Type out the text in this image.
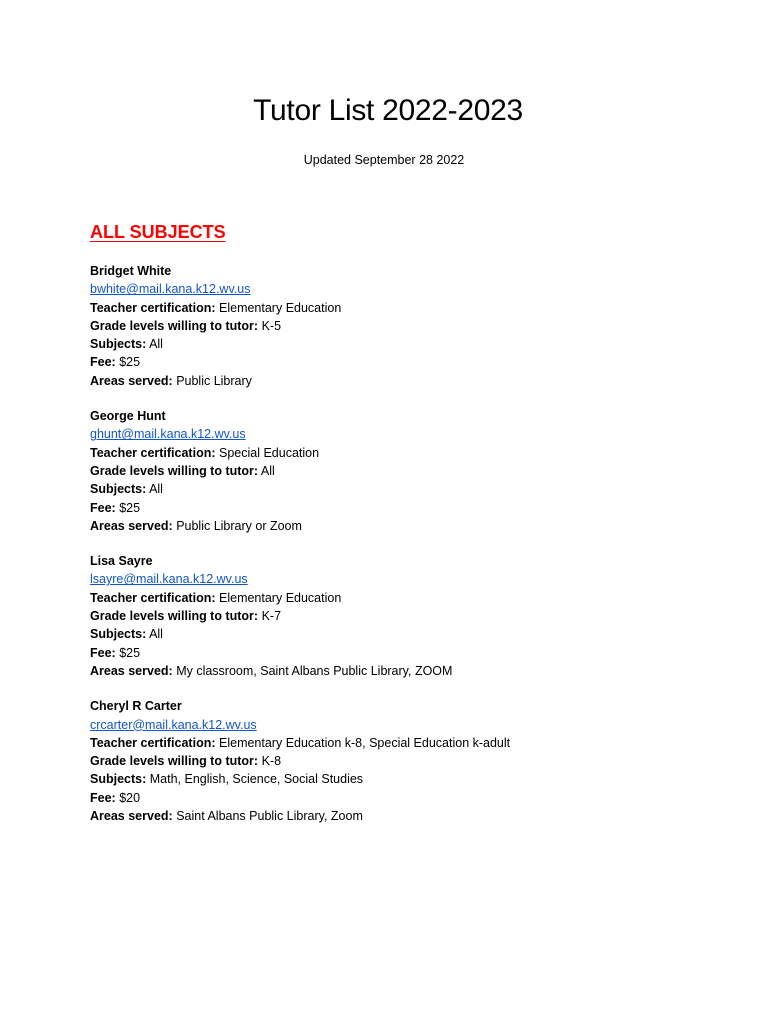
Tutor List 2022-2023

Updated September 28 2022

ALL SUBJECTS
Bridget White
bwhite@mail.kana.k12.wv.us
Teacher certification: Elementary Education
Grade levels willing to tutor: K-5
Subjects: All
Fee: $25
Areas served: Public Library
George Hunt
ghunt@mail.kana.k12.wv.us
Teacher certification: Special Education
Grade levels willing to tutor: All
Subjects: All
Fee: $25
Areas served: Public Library or Zoom
Lisa Sayre
lsayre@mail.kana.k12.wv.us
Teacher certification: Elementary Education
Grade levels willing to tutor: K-7
Subjects: All
Fee: $25
Areas served: My classroom, Saint Albans Public Library, ZOOM
Cheryl R Carter
crcarter@mail.kana.k12.wv.us
Teacher certification: Elementary Education k-8, Special Education k-adult
Grade levels willing to tutor: K-8
Subjects: Math, English, Science, Social Studies
Fee: $20
Areas served: Saint Albans Public Library, Zoom
